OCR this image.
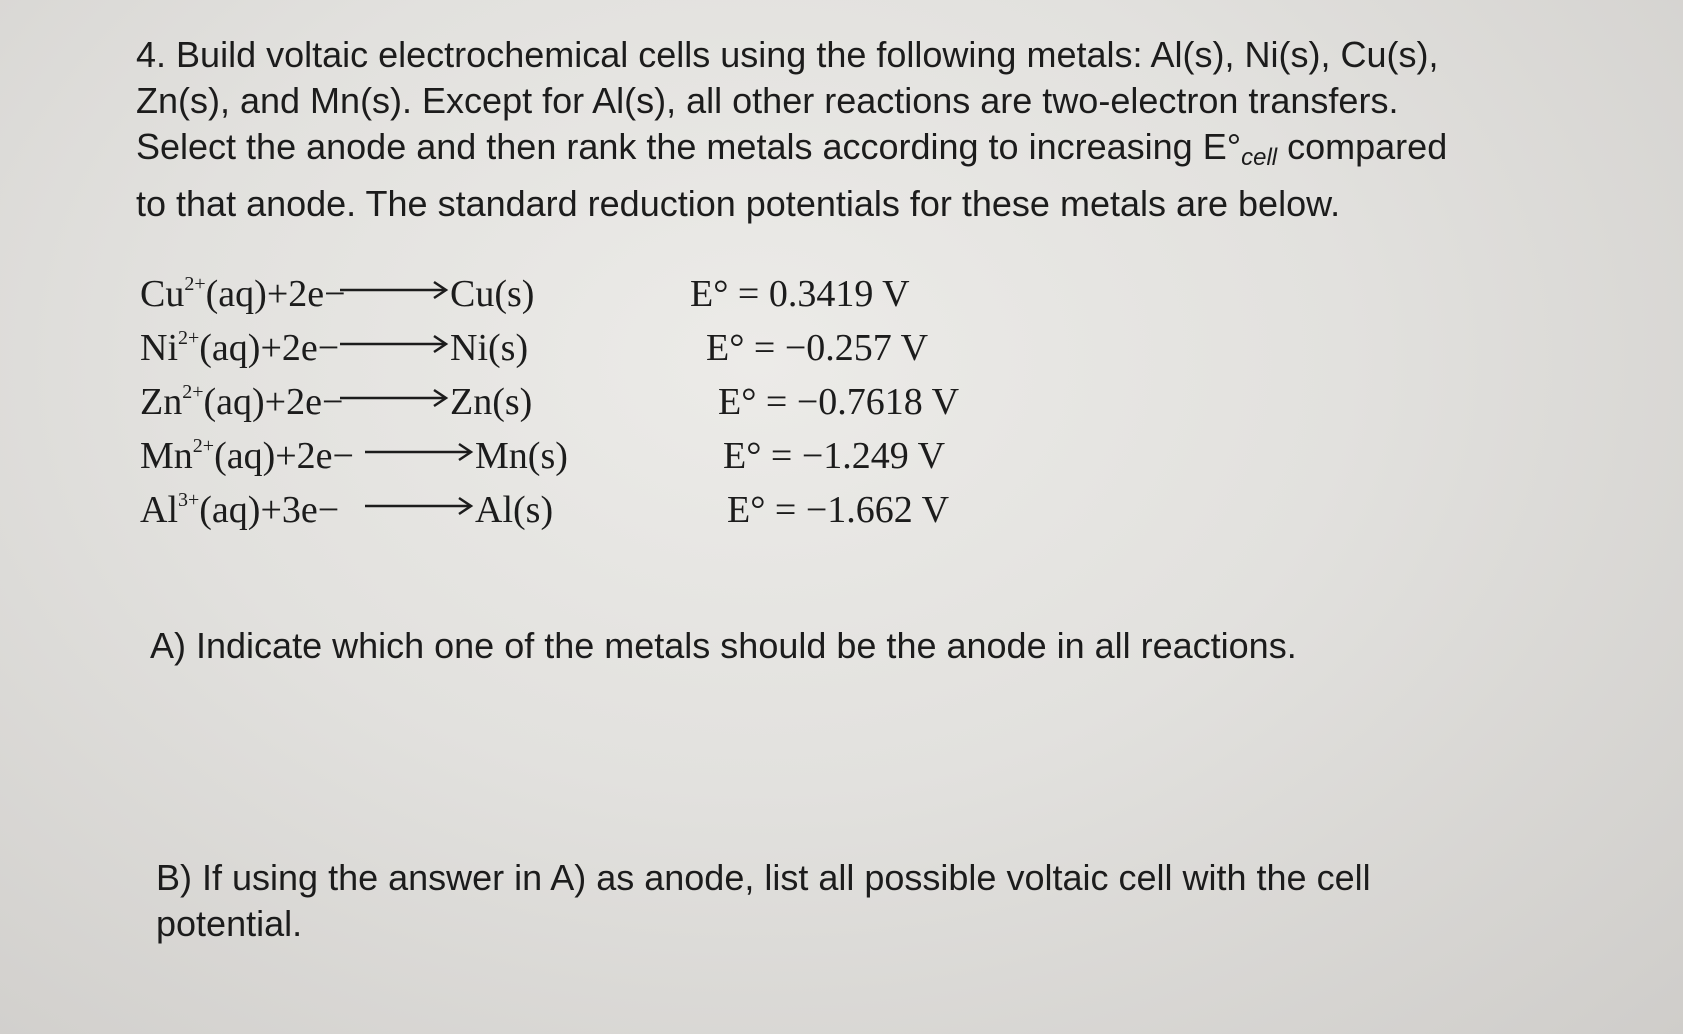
4. Build voltaic electrochemical cells using the following metals: Al(s), Ni(s), Cu(s),
Zn(s), and Mn(s). Except for Al(s), all other reactions are two-electron transfers.
Select the anode and then rank the metals according to increasing $E^\circ_{cell}$ compared
to that anode. The standard reduction potentials for these metals are below.

$Cu^{2+}(aq)+2e- \to Cu(s)$	E° = 0.3419 V
$Ni^{2+}(aq)+2e- \to Ni(s)$	E° = −0.257 V
$Zn^{2+}(aq)+2e- \to Zn(s)$	E° = −0.7618 V
$Mn^{2+}(aq)+2e- \to Mn(s)$	E° = −1.249 V
$Al^{3+}(aq)+3e- \to Al(s)$	E° = −1.662 V

A) Indicate which one of the metals should be the anode in all reactions.

B) If using the answer in A) as anode, list all possible voltaic cell with the cell
potential.
